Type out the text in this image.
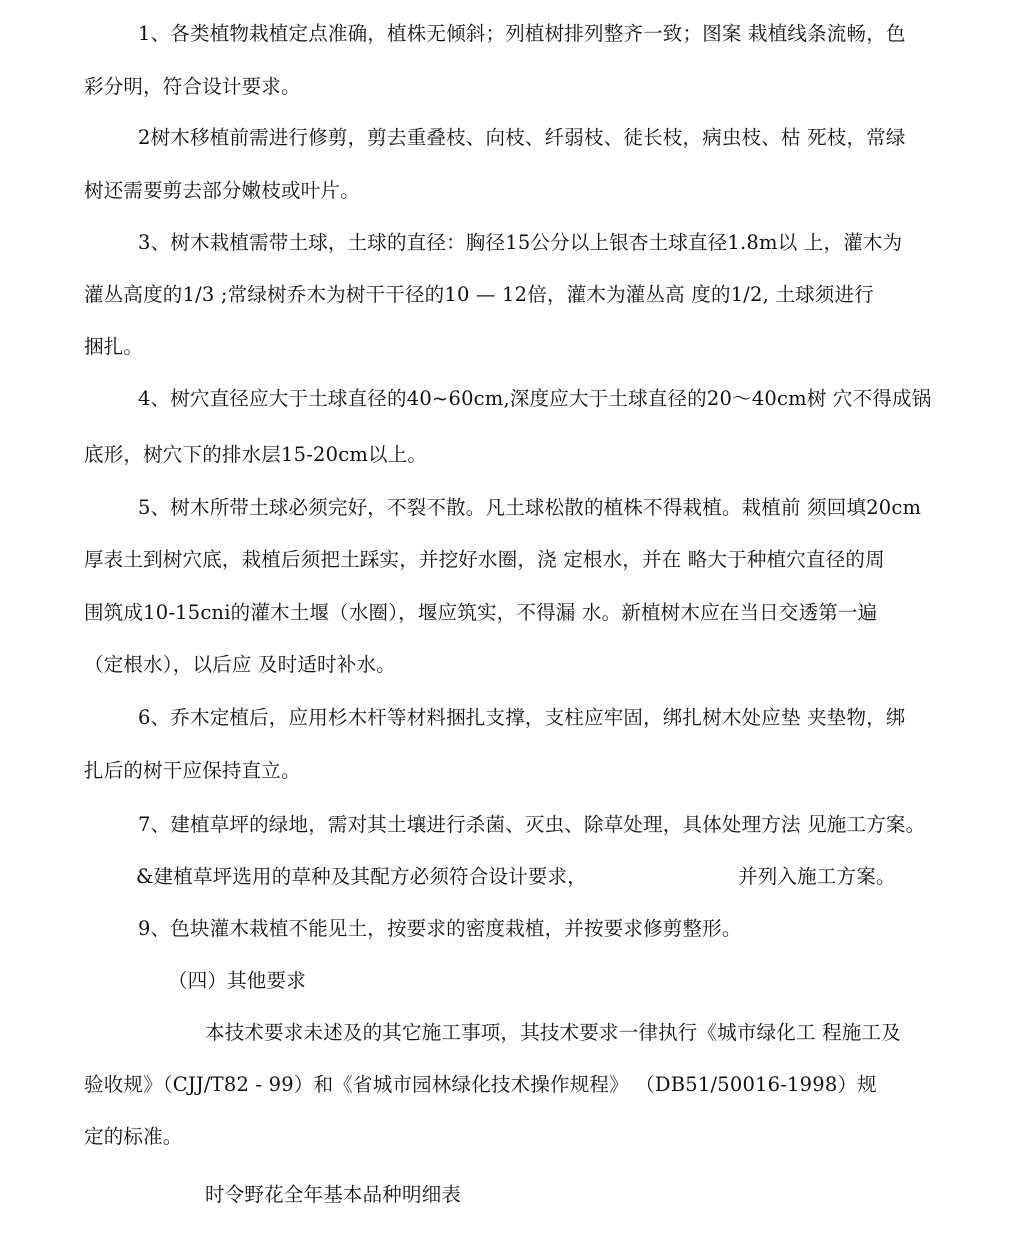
1、各类植物栽植定点准确，植株无倾斜；列植树排列整齐一致；图案 栽植线条流畅，色
彩分明，符合设计要求。
2树木移植前需进行修剪，剪去重叠枝、向枝、纤弱枝、徒长枝，病虫枝、枯 死枝，常绿
树还需要剪去部分嫩枝或叶片。
3、树木栽植需带土球，土球的直径：胸径15公分以上银杏土球直径1.8m以 上，灌木为
灌丛高度的1/3 ;常绿树乔木为树干干径的10 — 12倍，灌木为灌丛高 度的1/2, 土球须进行
捆扎。
4、树穴直径应大于土球直径的40~60cm,深度应大于土球直径的20～40cm树 穴不得成锅
底形，树穴下的排水层15-20cm以上。
5、树木所带土球必须完好，不裂不散。凡土球松散的植株不得栽植。栽植前 须回填20cm
厚表土到树穴底，栽植后须把土踩实，并挖好水圈，浇 定根水，并在 略大于种植穴直径的周
围筑成10-15cni的灌木土堰（水圈），堰应筑实，不得漏 水。新植树木应在当日交透第一遍
（定根水），以后应 及时适时补水。
6、乔木定植后，应用杉木杆等材料捆扎支撑，支柱应牢固，绑扎树木处应垫 夹垫物，绑
扎后的树干应保持直立。
7、建植草坪的绿地，需对其土壤进行杀菌、灭虫、除草处理，具体处理方法 见施工方案。
&建植草坪选用的草种及其配方必须符合设计要求，	并列入施工方案。
9、色块灌木栽植不能见土，按要求的密度栽植，并按要求修剪整形。
（四）其他要求
本技术要求未述及的其它施工事项，其技术要求一律执行《城市绿化工 程施工及
验收规》（CJJ/T82 - 99）和《省城市园林绿化技术操作规程》 （DB51/50016-1998）规
定的标准。
时令野花全年基本品种明细表
